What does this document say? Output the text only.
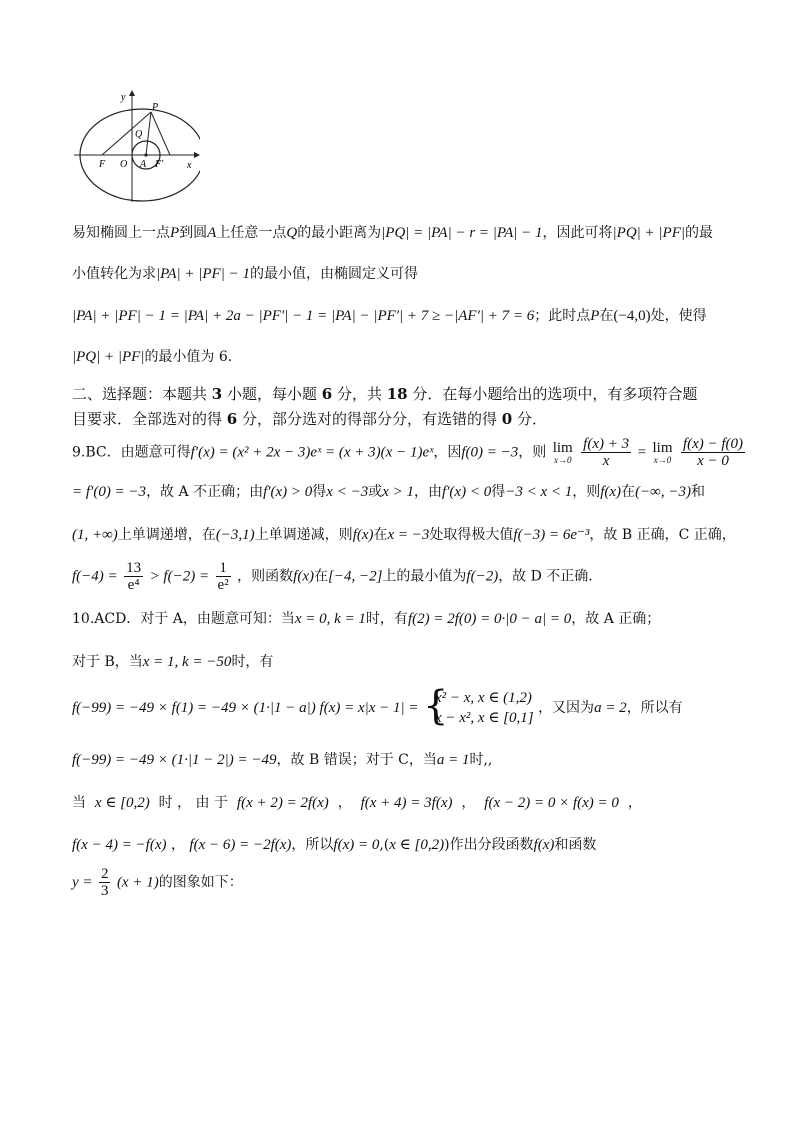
y
x
P
Q
F O A F′
易知椭圆上一点P到圆A上任意一点Q的最小距离为|PQ| = |PA| − r = |PA| − 1，因此可将|PQ| + |PF|的最
小值转化为求|PA| + |PF| − 1的最小值，由椭圆定义可得
|PA| + |PF| − 1 = |PA| + 2a − |PF′| − 1 = |PA| − |PF′| + 7 ≥ −|AF′| + 7 = 6；此时点P在(−4,0)处，使得
|PQ| + |PF|的最小值为 6．
二、选择题：本题共 3 小题，每小题 6 分，共 18 分．在每小题给出的选项中，有多项符合题
目要求．全部选对的得 6 分，部分选对的得部分分，有选错的得 0 分．
9.BC．由题意可得f′(x) = (x² + 2x − 3)eˣ = (x + 3)(x − 1)eˣ，因f(0) = −3，则 lim
x→0
$\frac{f(x) + 3}{x} = \lim$
x→0
$\frac{f(x) - f(0)}{x - 0}$
= f′(0) = −3，故 A 不正确；由f′(x) > 0得x < −3或x > 1，由f′(x) < 0得−3 < x < 1，则f(x)在(−∞, −3)和
(1, +∞)上单调递增，在(−3,1)上单调递减，则f(x)在x = −3处取得极大值f(−3) = 6e⁻³，故 B 正确，C 正确，
$f(-4) = \frac{13}{\text{e⁴}} > f(-2) = \frac{1}{\text{e²}}$ ，则函数f(x)在[−4, −2]上的最小值为f(−2)，故 D 不正确．
10.ACD．对于 A，由题意可知：当x = 0, k = 1时，有f(2) = 2f(0) = 0·|0 − a| = 0，故 A 正确；
对于 B，当x = 1, k = −50时，有
f(−99) = −49 × f(1) = −49 × (1·|1 − a|) f(x) = x|x − 1| = {
x² − x, x ∈ (1,2)
x − x², x ∈ [0,1]
，又因为a = 2，所以有
f(−99) = −49 × (1·|1 − 2|) = −49，故 B 错误；对于 C，当a = 1时,,
当 x ∈ [0,2) 时 ， 由 于 f(x + 2) = 2f(x) ， f(x + 4) = 3f(x) ， f(x − 2) = 0 × f(x) = 0 ，
f(x − 4) = −f(x) ， f(x − 6) = −2f(x)，所以f(x) = 0,(x ∈ [0,2))作出分段函数f(x)和函数
$y = \frac{2}{3} (x + 1)$的图象如下：
